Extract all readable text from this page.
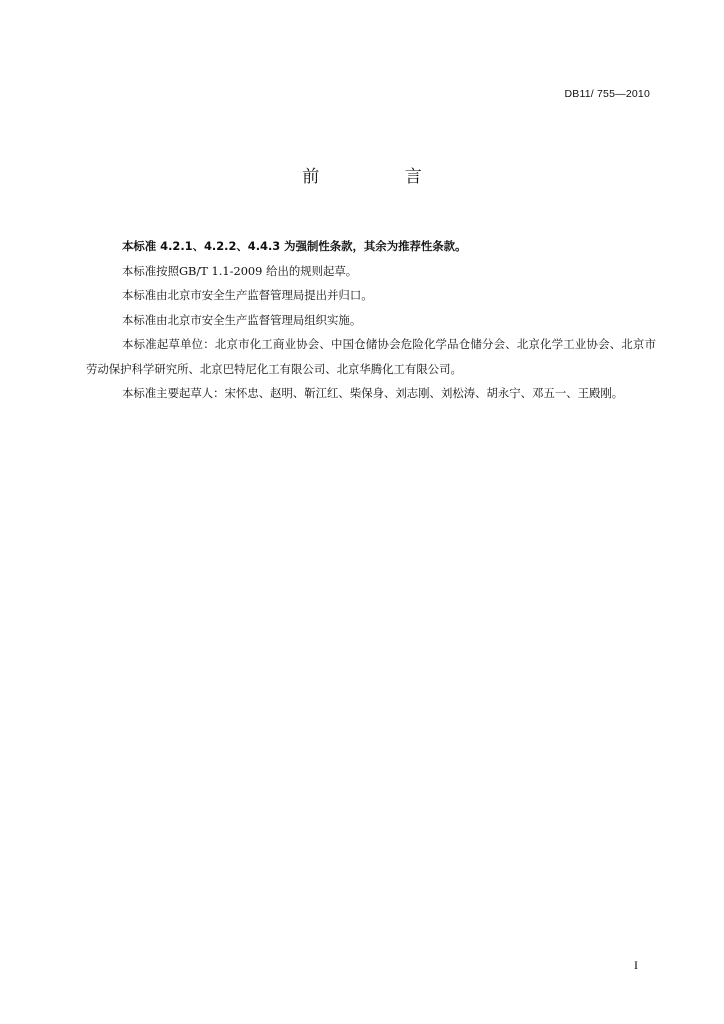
DB11/ 755—2010
前 言

本标准 4.2.1、4.2.2、4.4.3 为强制性条款，其余为推荐性条款。

本标准按照GB/T 1.1-2009 给出的规则起草。

本标准由北京市安全生产监督管理局提出并归口。

本标准由北京市安全生产监督管理局组织实施。

本标准起草单位：北京市化工商业协会、中国仓储协会危险化学品仓储分会、北京化学工业协会、北京市劳动保护科学研究所、北京巴特尼化工有限公司、北京华腾化工有限公司。

本标准主要起草人：宋怀忠、赵明、靳江红、柴保身、刘志刚、刘松涛、胡永宁、邓五一、王殿刚。

I
